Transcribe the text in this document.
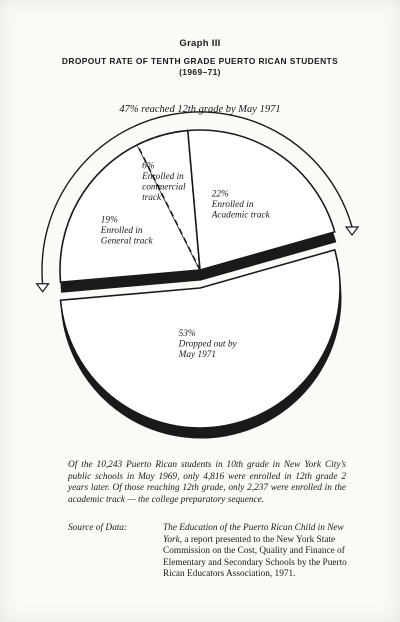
Graph III
DROPOUT RATE OF TENTH GRADE PUERTO RICAN STUDENTS
(1969–71)
47% reached 12th grade by May 1971
19% Enrolled in General track
6% Enrolled in commercial track	22% Enrolled in Academic track
53% Dropped out by May 1971
Of the 10,243 Puerto Rican students in 10th grade in New York City’s public schools in May 1969, only 4,816 were enrolled in 12th grade 2 years later. Of those reaching 12th grade, only 2,237 were enrolled in the academic track — the college preparatory sequence.
Source of Data:	The Education of the Puerto Rican Child in New York, a report presented to the New York State Commission on the Cost, Quality and Finance of Elementary and Secondary Schools by the Puerto Rican Educators Association, 1971.
